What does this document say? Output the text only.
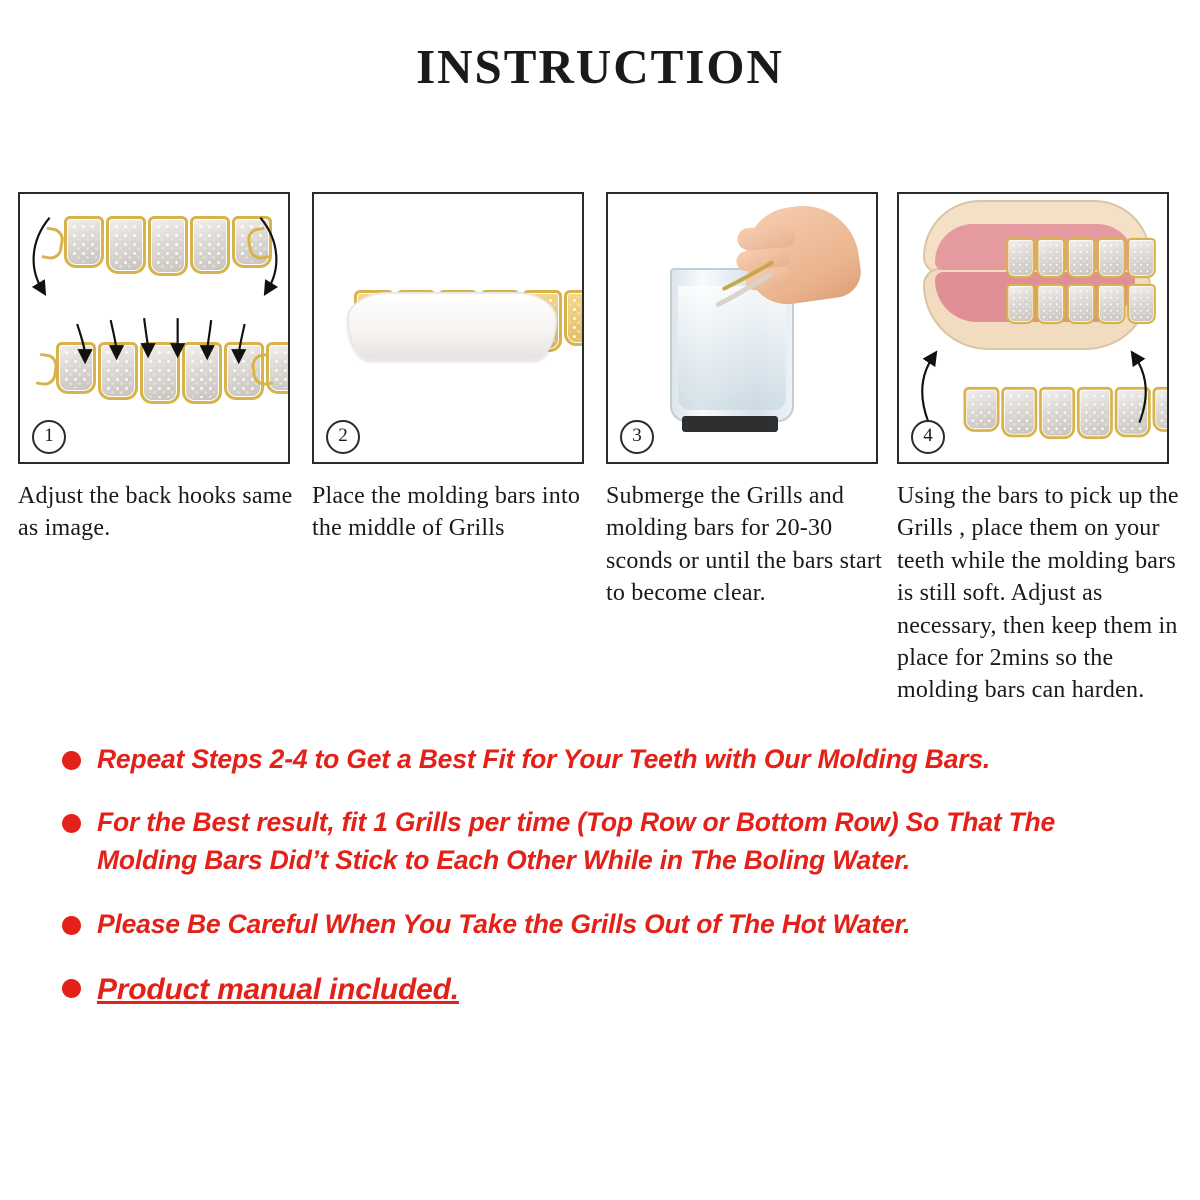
instruction
1
Adjust the back hooks same as image.
2
Place the molding bars into the middle of Grills
3
Submerge the Grills and molding bars for 20-30 sconds or until the bars start to become clear.
4
Using the bars to pick up the Grills , place them on your teeth while the molding bars is still soft. Adjust as necessary, then keep them in place for 2mins so the molding bars can harden.
Repeat Steps 2-4 to Get a Best Fit for Your Teeth with Our Molding Bars.
For the Best result, fit 1 Grills per time (Top Row or Bottom Row) So That The Molding Bars Did’t Stick to Each Other While in The Boling Water.
Please Be Careful When You Take the Grills Out of The Hot Water.
Product manual included.
